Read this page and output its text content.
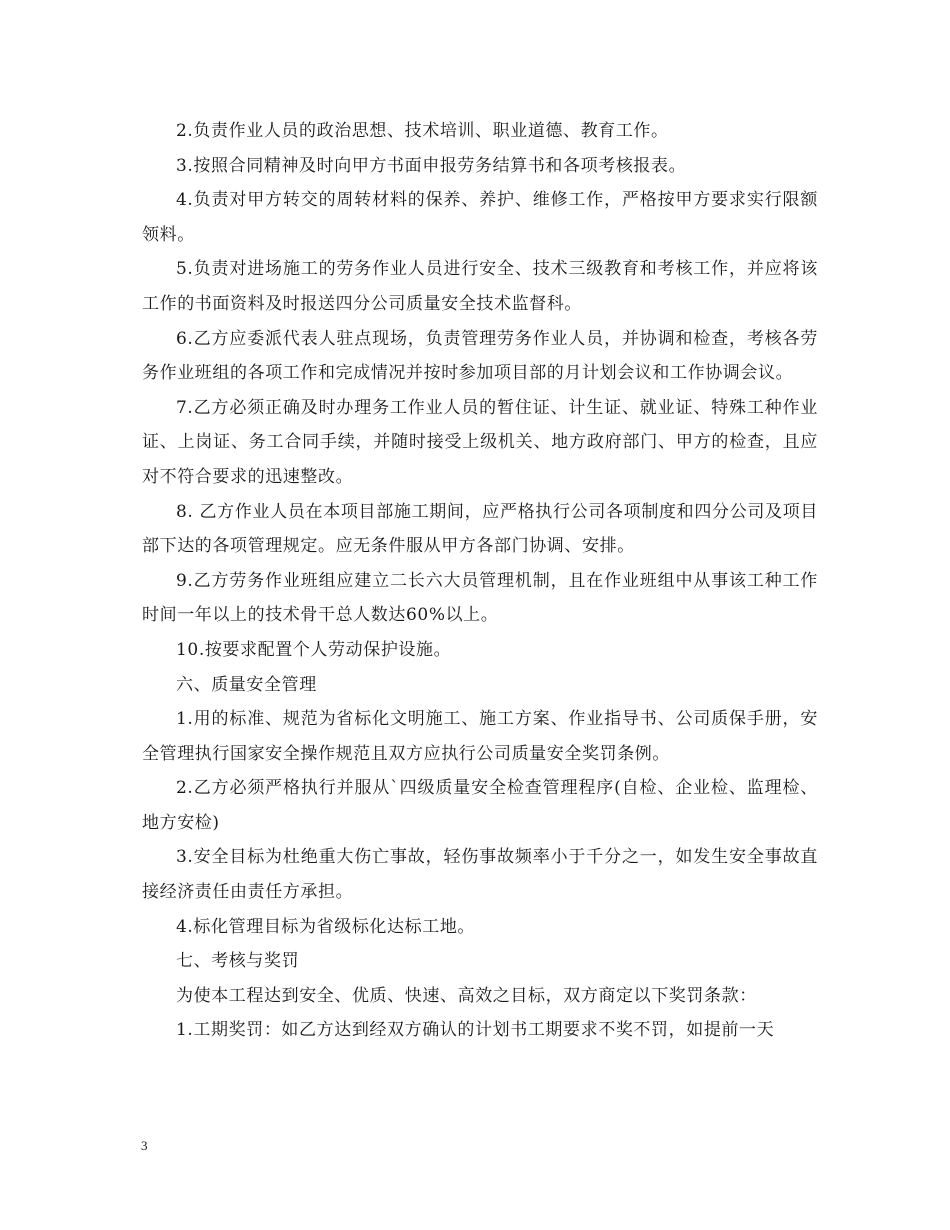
2.负责作业人员的政治思想、技术培训、职业道德、教育工作。

3.按照合同精神及时向甲方书面申报劳务结算书和各项考核报表。

4.负责对甲方转交的周转材料的保养、养护、维修工作，严格按甲方要求实行限额领料。

5.负责对进场施工的劳务作业人员进行安全、技术三级教育和考核工作，并应将该工作的书面资料及时报送四分公司质量安全技术监督科。

6.乙方应委派代表人驻点现场，负责管理劳务作业人员，并协调和检查，考核各劳务作业班组的各项工作和完成情况并按时参加项目部的月计划会议和工作协调会议。

7.乙方必须正确及时办理务工作业人员的暂住证、计生证、就业证、特殊工种作业证、上岗证、务工合同手续，并随时接受上级机关、地方政府部门、甲方的检查，且应对不符合要求的迅速整改。

8. 乙方作业人员在本项目部施工期间，应严格执行公司各项制度和四分公司及项目部下达的各项管理规定。应无条件服从甲方各部门协调、安排。

9.乙方劳务作业班组应建立二长六大员管理机制，且在作业班组中从事该工种工作时间一年以上的技术骨干总人数达60%以上。

10.按要求配置个人劳动保护设施。

六、质量安全管理

1.用的标准、规范为省标化文明施工、施工方案、作业指导书、公司质保手册，安全管理执行国家安全操作规范且双方应执行公司质量安全奖罚条例。

2.乙方必须严格执行并服从`四级质量安全检查管理程序(自检、企业检、监理检、地方安检)

3.安全目标为杜绝重大伤亡事故，轻伤事故频率小于千分之一，如发生安全事故直接经济责任由责任方承担。

4.标化管理目标为省级标化达标工地。

七、考核与奖罚

为使本工程达到安全、优质、快速、高效之目标，双方商定以下奖罚条款：

1.工期奖罚：如乙方达到经双方确认的计划书工期要求不奖不罚，如提前一天

3
